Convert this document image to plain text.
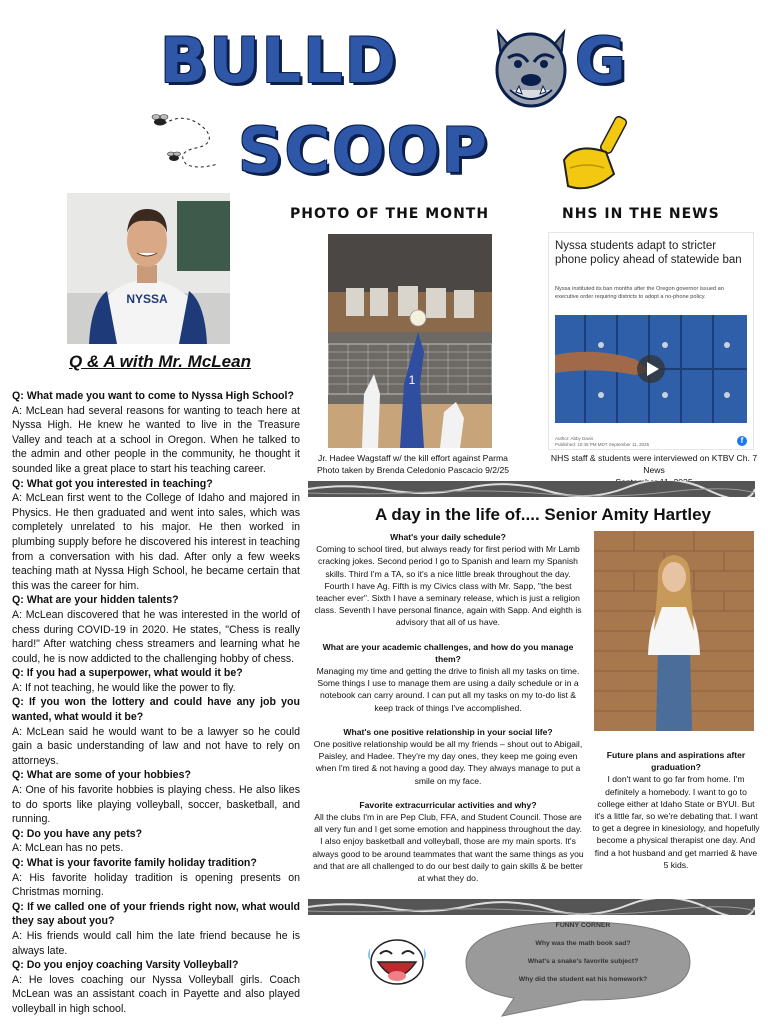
BULLD	G
SCOOP
NYSSA
Q & A with Mr. McLean
Q: What made you want to come to Nyssa High School?
A: McLean had several reasons for wanting to teach here at Nyssa High. He knew he wanted to live in the Treasure Valley and teach at a school in Oregon. When he talked to the admin and other people in the community, he thought it sounded like a great place to start his teaching career.
Q: What got you interested in teaching?
A: McLean first went to the College of Idaho and majored in Physics. He then graduated and went into sales, which was completely unrelated to his major. He then worked in plumbing supply before he discovered his interest in teaching from a conversation with his dad. After only a few weeks teaching math at Nyssa High School, he became certain that this was the career for him.
Q: What are your hidden talents?
A: McLean discovered that he was interested in the world of chess during COVID-19 in 2020. He states, "Chess is really hard!" After watching chess streamers and learning what he could, he is now addicted to the challenging hobby of chess.
Q: If you had a superpower, what would it be?
A: If not teaching, he would like the power to fly.
Q: If you won the lottery and could have any job you wanted, what would it be?
A: McLean said he would want to be a lawyer so he could gain a basic understanding of law and not have to rely on attorneys.
Q: What are some of your hobbies?
A: One of his favorite hobbies is playing chess. He also likes to do sports like playing volleyball, soccer, basketball, and running.
Q: Do you have any pets?
A: McLean has no pets.
Q: What is your favorite family holiday tradition?
A: His favorite holiday tradition is opening presents on Christmas morning.
Q: If we called one of your friends right now, what would they say about you?
A: His friends would call him the late friend because he is always late.
Q: Do you enjoy coaching Varsity Volleyball?
A: He loves coaching our Nyssa Volleyball girls. Coach McLean was an assistant coach in Payette and also played volleyball in high school.
PHOTO OF THE MONTH
1
Jr. Hadee Wagstaff w/ the kill effort against Parma
Photo taken by Brenda Celedonio Pascacio 9/2/25
NHS IN THE NEWS
Nyssa students adapt to stricter phone policy ahead of statewide ban
Nyssa instituted its ban months after the Oregon governor issued an executive order requiring districts to adopt a no-phone policy.
Author: Abby Davis
Published: 10:45 PM MDT September 11, 2025	f
NHS staff & students were interviewed on KTBV Ch. 7 News
A day in the life of.... Senior Amity Hartley
What's your daily schedule?
Coming to school tired, but always ready for first period with Mr Lamb cracking jokes. Second period I go to Spanish and learn my Spanish skills. Third I'm a TA, so it's a nice little break throughout the day. Fourth I have Ag. Fifth is my Civics class with Mr. Sapp, "the best teacher ever". Sixth I have a seminary release, which is just a religion class. Seventh I have personal finance, again with Sapp. And eighth is advisory that all of us have.
What are your academic challenges, and how do you manage them?
Managing my time and getting the drive to finish all my tasks on time. Some things I use to manage them are using a daily schedule or in a notebook can carry around. I can put all my tasks on my to-do list & keep track of things I've accomplished.
What's one positive relationship in your social life?
One positive relationship would be all my friends – shout out to Abigail, Paisley, and Hadee. They're my day ones, they keep me going even when I'm tired & not having a good day. They always manage to put a smile on my face.
Favorite extracurricular activities and why?
All the clubs I'm in are Pep Club, FFA, and Student Council. Those are all very fun and I get some emotion and happiness throughout the day. I also enjoy basketball and volleyball, those are my main sports. It's always good to be around teammates that want the same things as you and that are all challenged to do our best daily to gain skills & be better at what they do.
Future plans and aspirations after graduation?
I don't want to go far from home. I'm definitely a homebody. I want to go to college either at Idaho State or BYUI. But it's a little far, so we're debating that. I want to get a degree in kinesiology, and hopefully become a physical therapist one day. And find a hot husband and get married & have 5 kids.
FUNNY CORNER
Why was the math book sad?
What's a snake's favorite subject?
Why did the student eat his homework?
